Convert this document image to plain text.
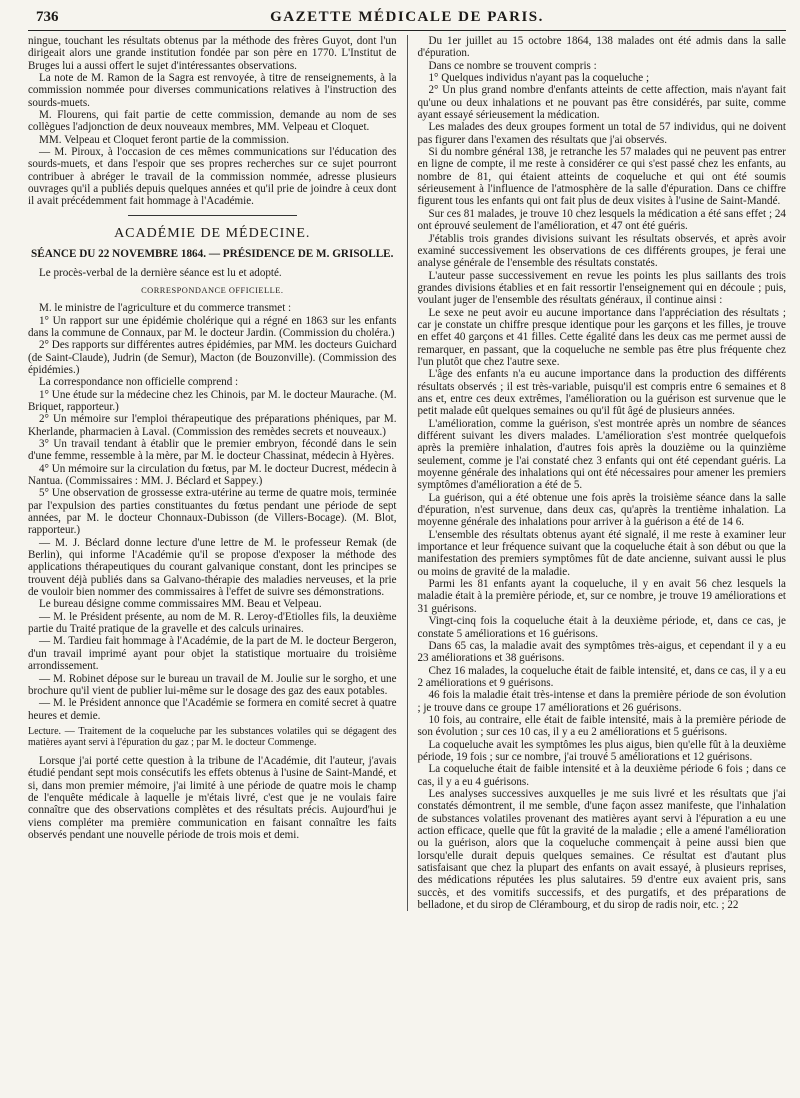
736	GAZETTE MÉDICALE DE PARIS.

ningue, touchant les résultats obtenus par la méthode des frères Guyot, dont l'un dirigeait alors une grande institution fondée par son père en 1770. L'Institut de Bruges lui a aussi offert le sujet d'intéressantes observations.

La note de M. Ramon de la Sagra est renvoyée, à titre de renseignements, à la commission nommée pour diverses communications relatives à l'instruction des sourds-muets.

M. Flourens, qui fait partie de cette commission, demande au nom de ses collègues l'adjonction de deux nouveaux membres, MM. Velpeau et Cloquet.

MM. Velpeau et Cloquet feront partie de la commission.

— M. Piroux, à l'occasion de ces mêmes communications sur l'éducation des sourds-muets, et dans l'espoir que ses propres recherches sur ce sujet pourront contribuer à abréger le travail de la commission nommée, adresse plusieurs ouvrages qu'il a publiés depuis quelques années et qu'il prie de joindre à ceux dont il avait précédemment fait hommage à l'Académie.

ACADÉMIE DE MÉDECINE.
SÉANCE DU 22 NOVEMBRE 1864. — PRÉSIDENCE DE M. GRISOLLE.

Le procès-verbal de la dernière séance est lu et adopté.

CORRESPONDANCE OFFICIELLE.

M. le ministre de l'agriculture et du commerce transmet :

1° Un rapport sur une épidémie cholérique qui a régné en 1863 sur les enfants dans la commune de Connaux, par M. le docteur Jardin. (Commission du choléra.)

2° Des rapports sur différentes autres épidémies, par MM. les docteurs Guichard (de Saint-Claude), Judrin (de Semur), Macton (de Bouzonville). (Commission des épidémies.)

La correspondance non officielle comprend :

1° Une étude sur la médecine chez les Chinois, par M. le docteur Maurache. (M. Briquet, rapporteur.)

2° Un mémoire sur l'emploi thérapeutique des préparations phéniques, par M. Kherlande, pharmacien à Laval. (Commission des remèdes secrets et nouveaux.)

3° Un travail tendant à établir que le premier embryon, fécondé dans le sein d'une femme, ressemble à la mère, par M. le docteur Chassinat, médecin à Hyères.

4° Un mémoire sur la circulation du fœtus, par M. le docteur Ducrest, médecin à Nantua. (Commissaires : MM. J. Béclard et Sappey.)

5° Une observation de grossesse extra-utérine au terme de quatre mois, terminée par l'expulsion des parties constituantes du fœtus pendant une période de sept années, par M. le docteur Chonnaux-Dubisson (de Villers-Bocage). (M. Blot, rapporteur.)

— M. J. Béclard donne lecture d'une lettre de M. le professeur Remak (de Berlin), qui informe l'Académie qu'il se propose d'exposer la méthode des applications thérapeutiques du courant galvanique constant, dont les principes se trouvent déjà publiés dans sa Galvano-thérapie des maladies nerveuses, et la prie de vouloir bien nommer des commissaires à l'effet de suivre ses démonstrations.

Le bureau désigne comme commissaires MM. Beau et Velpeau.

— M. le Président présente, au nom de M. R. Leroy-d'Etiolles fils, la deuxième partie du Traité pratique de la gravelle et des calculs urinaires.

— M. Tardieu fait hommage à l'Académie, de la part de M. le docteur Bergeron, d'un travail imprimé ayant pour objet la statistique mortuaire du troisième arrondissement.

— M. Robinet dépose sur le bureau un travail de M. Joulie sur le sorgho, et une brochure qu'il vient de publier lui-même sur le dosage des gaz des eaux potables.

— M. le Président annonce que l'Académie se formera en comité secret à quatre heures et demie.

Lecture. — Traitement de la coqueluche par les substances volatiles qui se dégagent des matières ayant servi à l'épuration du gaz ; par M. le docteur Commenge.

Lorsque j'ai porté cette question à la tribune de l'Académie, dit l'auteur, j'avais étudié pendant sept mois consécutifs les effets obtenus à l'usine de Saint-Mandé, et si, dans mon premier mémoire, j'ai limité à une période de quatre mois le champ de l'enquête médicale à laquelle je m'étais livré, c'est que je ne voulais faire connaître que des observations complètes et des résultats précis. Aujourd'hui je viens compléter ma première communication en faisant connaître les faits observés pendant une nouvelle période de trois mois et demi.

Du 1er juillet au 15 octobre 1864, 138 malades ont été admis dans la salle d'épuration.

Dans ce nombre se trouvent compris :

1° Quelques individus n'ayant pas la coqueluche ;

2° Un plus grand nombre d'enfants atteints de cette affection, mais n'ayant fait qu'une ou deux inhalations et ne pouvant pas être considérés, par suite, comme ayant essayé sérieusement la médication.

Les malades des deux groupes forment un total de 57 individus, qui ne doivent pas figurer dans l'examen des résultats que j'ai observés.

Si du nombre général 138, je retranche les 57 malades qui ne peuvent pas entrer en ligne de compte, il me reste à considérer ce qui s'est passé chez les enfants, au nombre de 81, qui étaient atteints de coqueluche et qui ont été soumis sérieusement à l'influence de l'atmosphère de la salle d'épuration. Dans ce chiffre figurent tous les enfants qui ont fait plus de deux visites à l'usine de Saint-Mandé.

Sur ces 81 malades, je trouve 10 chez lesquels la médication a été sans effet ; 24 ont éprouvé seulement de l'amélioration, et 47 ont été guéris.

J'établis trois grandes divisions suivant les résultats observés, et après avoir examiné successivement les observations de ces différents groupes, je ferai une analyse générale de l'ensemble des résultats constatés.

L'auteur passe successivement en revue les points les plus saillants des trois grandes divisions établies et en fait ressortir l'enseignement qui en découle ; puis, voulant juger de l'ensemble des résultats généraux, il continue ainsi :

Le sexe ne peut avoir eu aucune importance dans l'appréciation des résultats ; car je constate un chiffre presque identique pour les garçons et les filles, je trouve en effet 40 garçons et 41 filles. Cette égalité dans les deux cas me permet aussi de remarquer, en passant, que la coqueluche ne semble pas être plus fréquente chez l'un plutôt que chez l'autre sexe.

L'âge des enfants n'a eu aucune importance dans la production des différents résultats observés ; il est très-variable, puisqu'il est compris entre 6 semaines et 8 ans et, entre ces deux extrêmes, l'amélioration ou la guérison est survenue que le petit malade eût quelques semaines ou qu'il fût âgé de plusieurs années.

L'amélioration, comme la guérison, s'est montrée après un nombre de séances différent suivant les divers malades. L'amélioration s'est montrée quelquefois après la première inhalation, d'autres fois après la douzième ou la quinzième seulement, comme je l'ai constaté chez 3 enfants qui ont été cependant guéris. La moyenne générale des inhalations qui ont été nécessaires pour amener les premiers symptômes d'amélioration a été de 5.

La guérison, qui a été obtenue une fois après la troisième séance dans la salle d'épuration, n'est survenue, dans deux cas, qu'après la trentième inhalation. La moyenne générale des inhalations pour arriver à la guérison a été de 14 6.

L'ensemble des résultats obtenus ayant été signalé, il me reste à examiner leur importance et leur fréquence suivant que la coqueluche était à son début ou que la manifestation des premiers symptômes fût de date ancienne, suivant aussi le plus ou moins de gravité de la maladie.

Parmi les 81 enfants ayant la coqueluche, il y en avait 56 chez lesquels la maladie était à la première période, et, sur ce nombre, je trouve 19 améliorations et 31 guérisons.

Vingt-cinq fois la coqueluche était à la deuxième période, et, dans ce cas, je constate 5 améliorations et 16 guérisons.

Dans 65 cas, la maladie avait des symptômes très-aigus, et cependant il y a eu 23 améliorations et 38 guérisons.

Chez 16 malades, la coqueluche était de faible intensité, et, dans ce cas, il y a eu 2 améliorations et 9 guérisons.

46 fois la maladie était très-intense et dans la première période de son évolution ; je trouve dans ce groupe 17 améliorations et 26 guérisons.

10 fois, au contraire, elle était de faible intensité, mais à la première période de son évolution ; sur ces 10 cas, il y a eu 2 améliorations et 5 guérisons.

La coqueluche avait les symptômes les plus aigus, bien qu'elle fût à la deuxième période, 19 fois ; sur ce nombre, j'ai trouvé 5 améliorations et 12 guérisons.

La coqueluche était de faible intensité et à la deuxième période 6 fois ; dans ce cas, il y a eu 4 guérisons.

Les analyses successives auxquelles je me suis livré et les résultats que j'ai constatés démontrent, il me semble, d'une façon assez manifeste, que l'inhalation de substances volatiles provenant des matières ayant servi à l'épuration a eu une action efficace, quelle que fût la gravité de la maladie ; elle a amené l'amélioration ou la guérison, alors que la coqueluche commençait à peine aussi bien que lorsqu'elle durait depuis quelques semaines. Ce résultat est d'autant plus satisfaisant que chez la plupart des enfants on avait essayé, à plusieurs reprises, des médications réputées les plus salutaires. 59 d'entre eux avaient pris, sans succès, et des vomitifs successifs, et des purgatifs, et des préparations de belladone, et du sirop de Clérambourg, et du sirop de radis noir, etc. ; 22
